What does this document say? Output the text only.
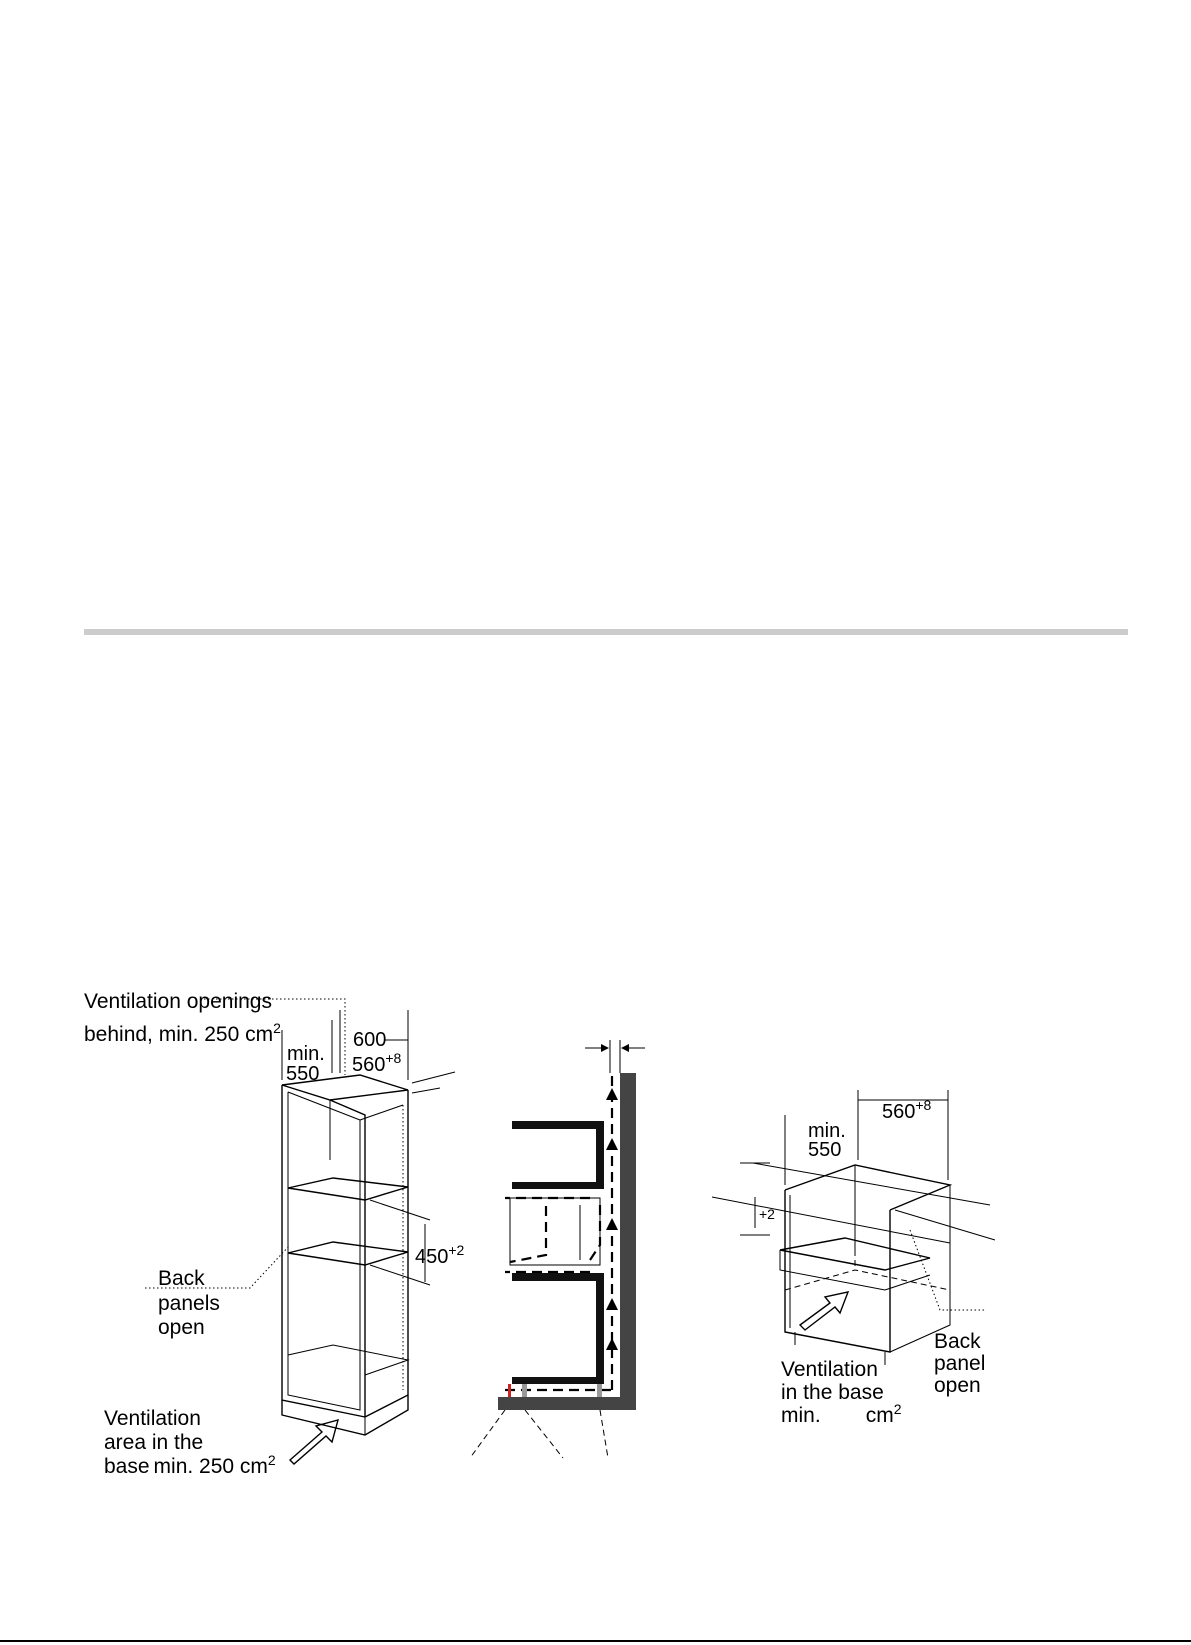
Ventilation openings
behind, min. 250 $cm^2$
min.
550
600
$560^{+8}$
$450^{+2}$
Back
panels
open
Ventilation
area in the
base min. 250 $cm^2$
min.
550
$560^{+8}$
+2
Back
panel
open
Ventilation
in the base
min. $cm^2$
